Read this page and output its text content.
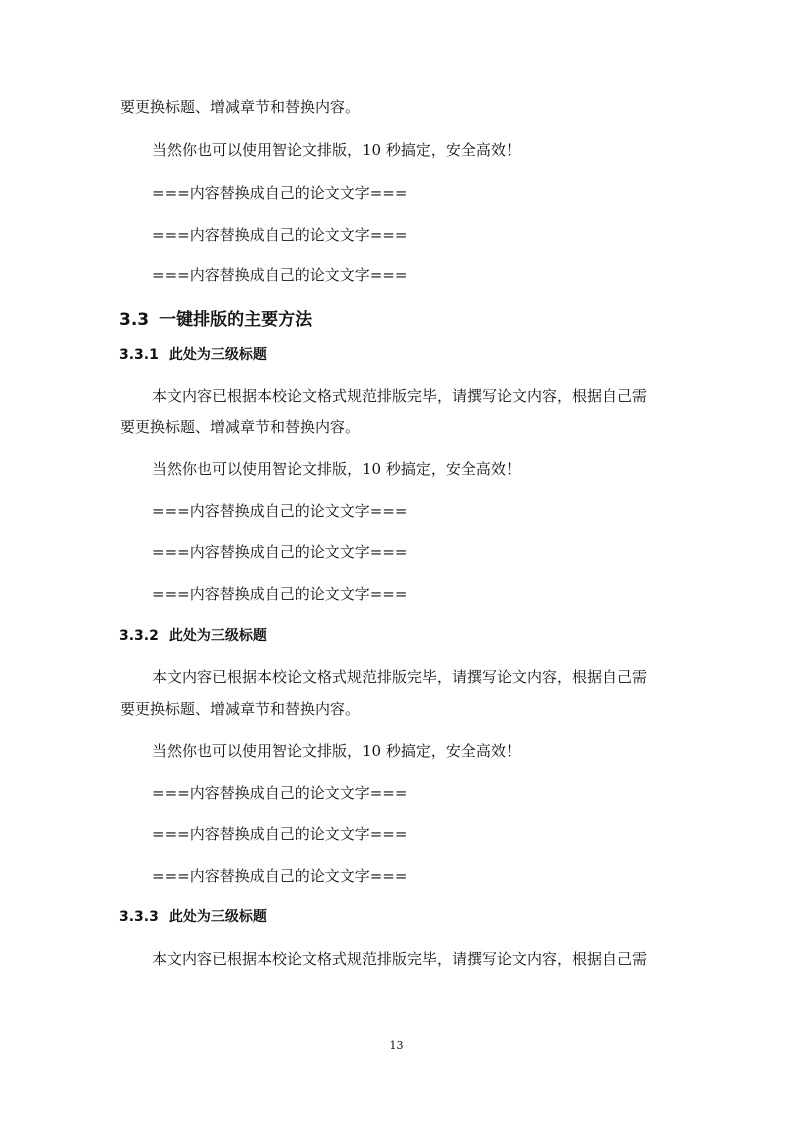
要更换标题、增减章节和替换内容。
当然你也可以使用智论文排版，10 秒搞定，安全高效！
===内容替换成自己的论文文字===
===内容替换成自己的论文文字===
===内容替换成自己的论文文字===
3.3 一键排版的主要方法
3.3.1 此处为三级标题
本文内容已根据本校论文格式规范排版完毕，请撰写论文内容，根据自己需
要更换标题、增减章节和替换内容。
当然你也可以使用智论文排版，10 秒搞定，安全高效！
===内容替换成自己的论文文字===
===内容替换成自己的论文文字===
===内容替换成自己的论文文字===
3.3.2 此处为三级标题
本文内容已根据本校论文格式规范排版完毕，请撰写论文内容，根据自己需
要更换标题、增减章节和替换内容。
当然你也可以使用智论文排版，10 秒搞定，安全高效！
===内容替换成自己的论文文字===
===内容替换成自己的论文文字===
===内容替换成自己的论文文字===
3.3.3 此处为三级标题
本文内容已根据本校论文格式规范排版完毕，请撰写论文内容，根据自己需
13
